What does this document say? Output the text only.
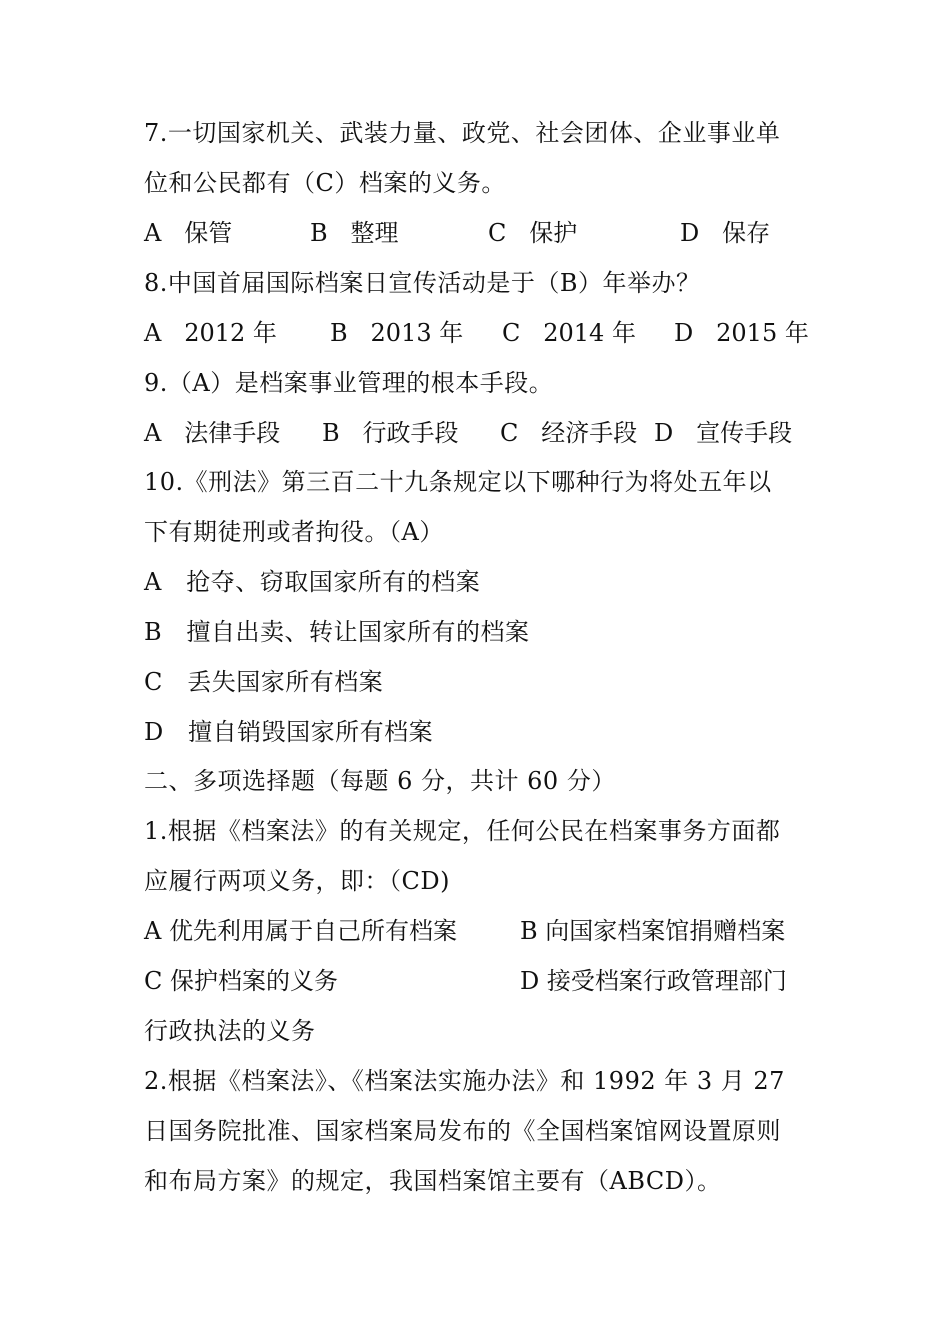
7.一切国家机关、武装力量、政党、社会团体、企业事业单
位和公民都有（C）档案的义务。
A   保管	B   整理	C   保护	D   保存
8.中国首届国际档案日宣传活动是于（B）年举办？
A   2012 年 B   2013 年 C   2014 年 D   2015 年
9.（A）是档案事业管理的根本手段。
A   法律手段 B   行政手段 C   经济手段 D   宣传手段
10.《刑法》第三百二十九条规定以下哪种行为将处五年以
下有期徒刑或者拘役。（A）
A   抢夺、窃取国家所有的档案
B   擅自出卖、转让国家所有的档案
C   丢失国家所有档案
D   擅自销毁国家所有档案
二、多项选择题（每题 6 分，共计 60 分）
1.根据《档案法》的有关规定，任何公民在档案事务方面都
应履行两项义务，即：（CD)
A 优先利用属于自己所有档案	B 向国家档案馆捐赠档案
C 保护档案的义务	D 接受档案行政管理部门
行政执法的义务
2.根据《档案法》、《档案法实施办法》和 1992 年 3 月 27
日国务院批准、国家档案局发布的《全国档案馆网设置原则
和布局方案》的规定，我国档案馆主要有（ABCD）。
